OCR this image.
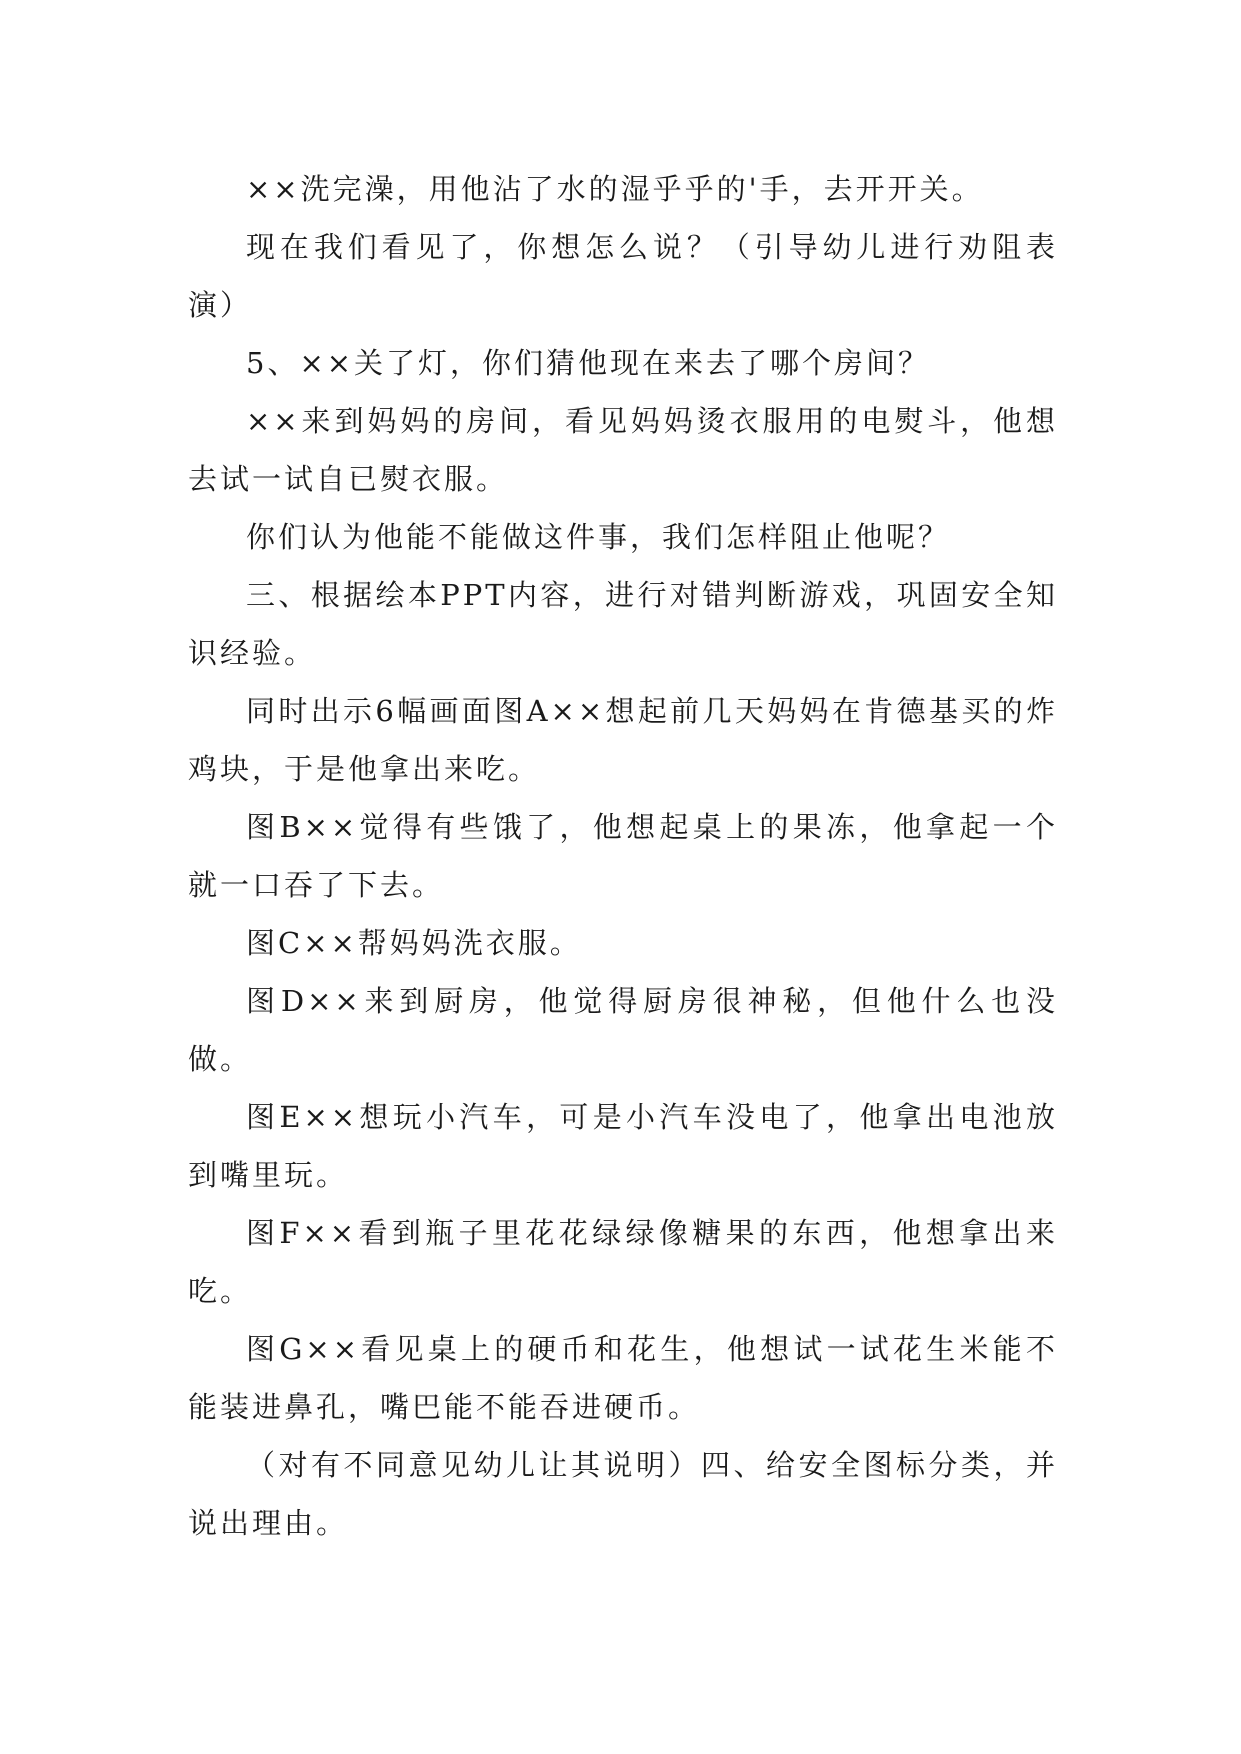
××洗完澡，用他沾了水的湿乎乎的'手，去开开关。

现在我们看见了，你想怎么说？（引导幼儿进行劝阻表演）

5、××关了灯，你们猜他现在来去了哪个房间？

××来到妈妈的房间，看见妈妈烫衣服用的电熨斗，他想去试一试自已熨衣服。

你们认为他能不能做这件事，我们怎样阻止他呢？

三、根据绘本PPT内容，进行对错判断游戏，巩固安全知识经验。

同时出示6幅画面图A××想起前几天妈妈在肯德基买的炸鸡块，于是他拿出来吃。

图B××觉得有些饿了，他想起桌上的果冻，他拿起一个就一口吞了下去。

图C××帮妈妈洗衣服。

图D××来到厨房，他觉得厨房很神秘，但他什么也没做。

图E××想玩小汽车，可是小汽车没电了，他拿出电池放到嘴里玩。

图F××看到瓶子里花花绿绿像糖果的东西，他想拿出来吃。

图G××看见桌上的硬币和花生，他想试一试花生米能不能装进鼻孔，嘴巴能不能吞进硬币。

（对有不同意见幼儿让其说明）四、给安全图标分类，并说出理由。
